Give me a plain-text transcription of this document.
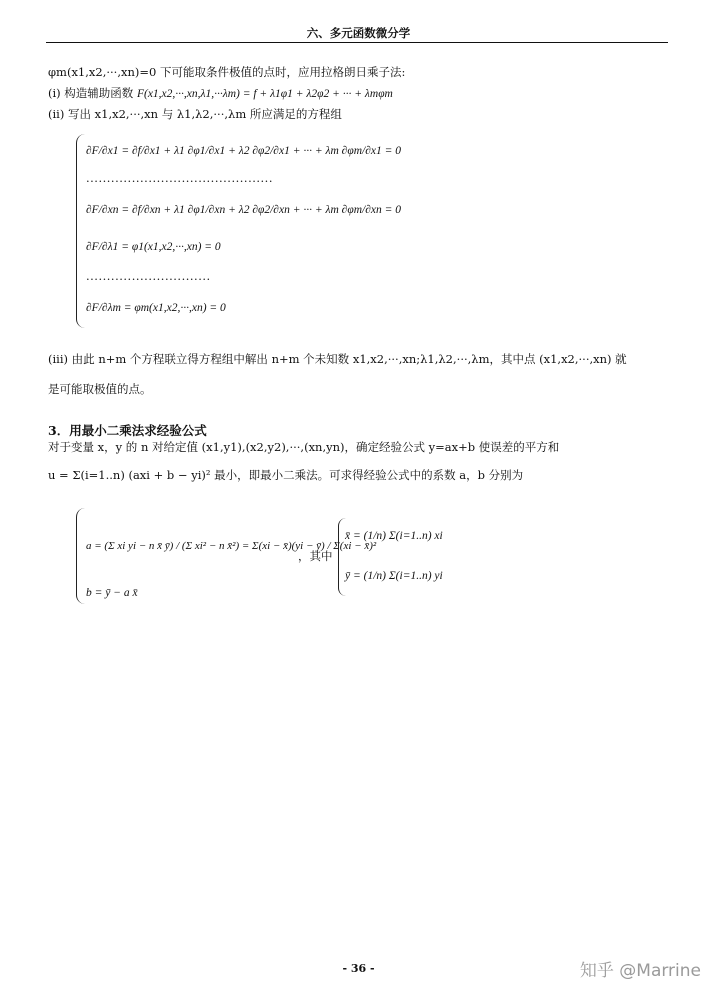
六、多元函数微分学
φm(x1,x2,···,xn)=0 下可能取条件极值的点时，应用拉格朗日乘子法:
(i) 构造辅助函数 F(x1,x2,···,xn,λ1,···λm) = f + λ1φ1 + λ2φ2 + ··· + λmφm
(ii) 写出 x1,x2,···,xn 与 λ1,λ2,···,λm 所应满足的方程组
∂F/∂x1 = ∂f/∂x1 + λ1 ∂φ1/∂x1 + λ2 ∂φ2/∂x1 + ··· + λm ∂φm/∂x1 = 0
·············································
∂F/∂xn = ∂f/∂xn + λ1 ∂φ1/∂xn + λ2 ∂φ2/∂xn + ··· + λm ∂φm/∂xn = 0
∂F/∂λ1 = φ1(x1,x2,···,xn) = 0
······························
∂F/∂λm = φm(x1,x2,···,xn) = 0
(iii) 由此 n+m 个方程联立得方程组中解出 n+m 个未知数 x1,x2,···,xn;λ1,λ2,···,λm，其中点 (x1,x2,···,xn) 就
是可能取极值的点。
3．用最小二乘法求经验公式
对于变量 x，y 的 n 对给定值 (x1,y1),(x2,y2),···,(xn,yn)，确定经验公式 y=ax+b 使误差的平方和
u = Σ(i=1..n) (axi + b − yi)² 最小，即最小二乘法。可求得经验公式中的系数 a，b 分别为
a = (Σ xi yi − n x̄ ȳ) / (Σ xi² − n x̄²) = Σ(xi − x̄)(yi − ȳ) / Σ(xi − x̄)²
b = ȳ − a x̄
，其中
x̄ = (1/n) Σ(i=1..n) xi
ȳ = (1/n) Σ(i=1..n) yi
- 36 -	知乎 @Marrine
